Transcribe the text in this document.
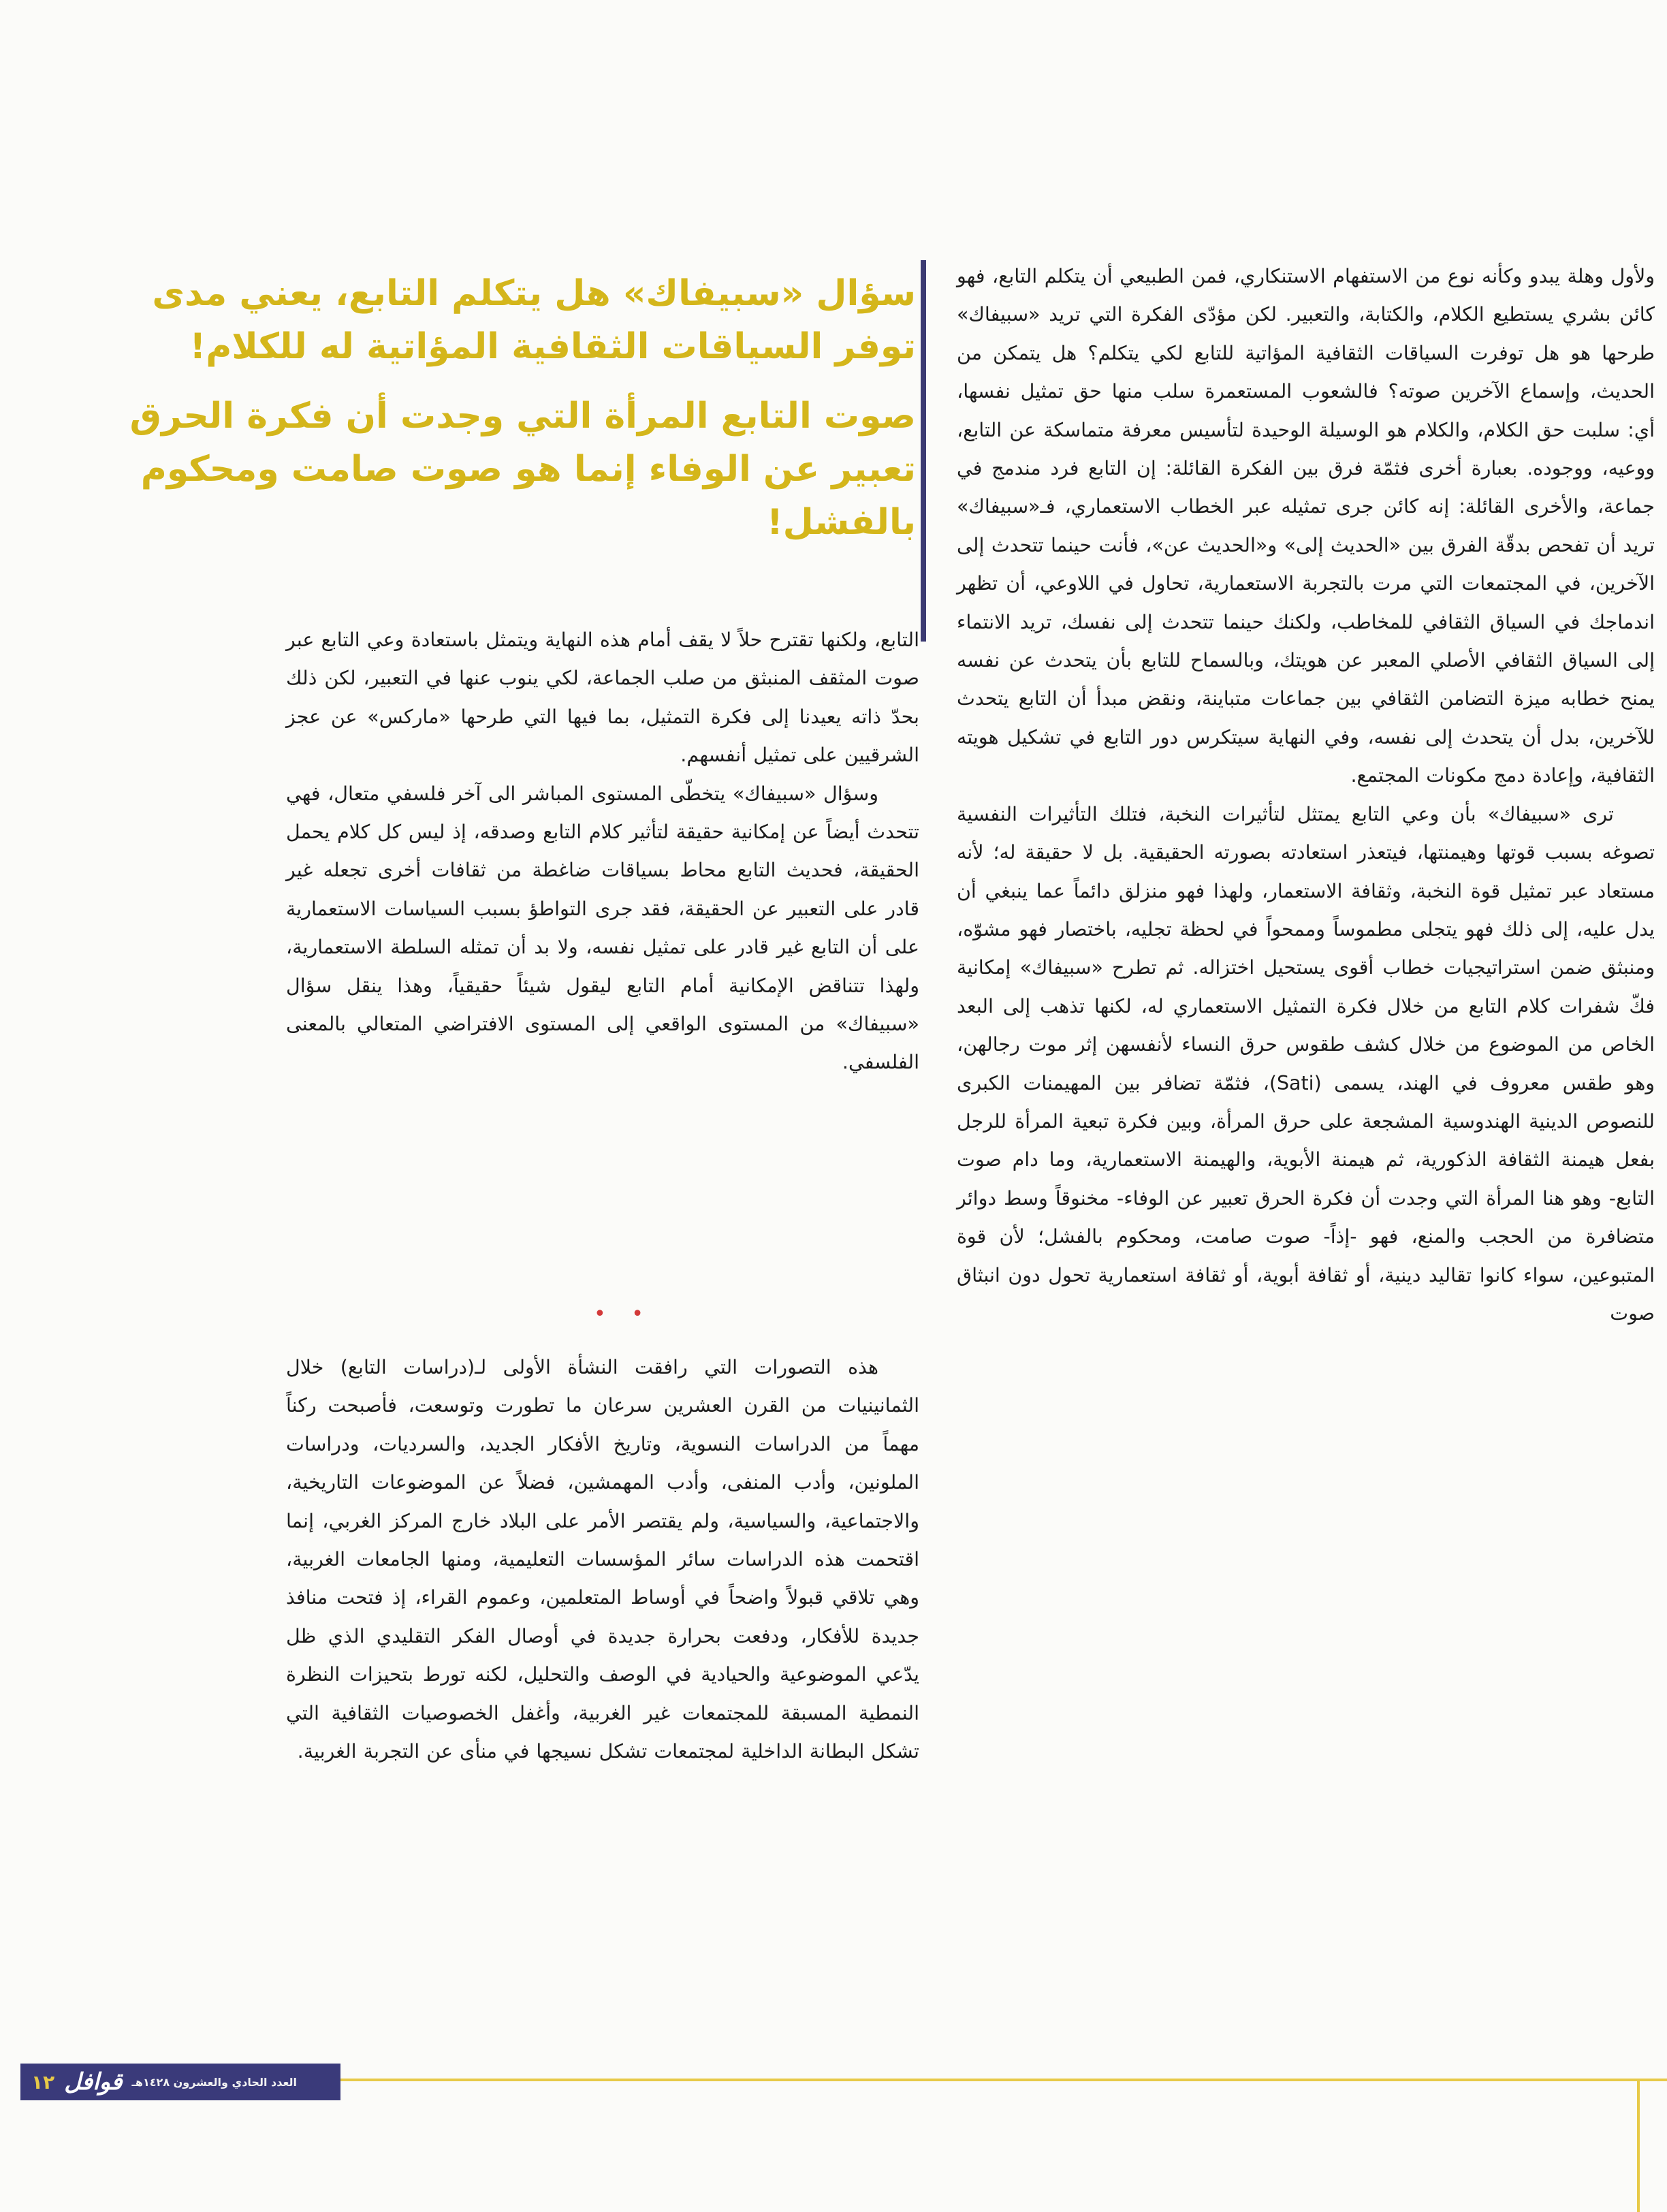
سؤال «سبيفاك» هل يتكلم التابع، يعني مدى توفر السياقات الثقافية المؤاتية له للكلام!

صوت التابع المرأة التي وجدت أن فكرة الحرق تعبير عن الوفاء إنما هو صوت صامت ومحكوم بالفشل!

ولأول وهلة يبدو وكأنه نوع من الاستفهام الاستنكاري، فمن الطبيعي أن يتكلم التابع، فهو كائن بشري يستطيع الكلام، والكتابة، والتعبير. لكن مؤدّى الفكرة التي تريد «سبيفاك» طرحها هو هل توفرت السياقات الثقافية المؤاتية للتابع لكي يتكلم؟ هل يتمكن من الحديث، وإسماع الآخرين صوته؟ فالشعوب المستعمرة سلب منها حق تمثيل نفسها، أي: سلبت حق الكلام، والكلام هو الوسيلة الوحيدة لتأسيس معرفة متماسكة عن التابع، ووعيه، ووجوده. بعبارة أخرى فثمّة فرق بين الفكرة القائلة: إن التابع فرد مندمج في جماعة، والأخرى القائلة: إنه كائن جرى تمثيله عبر الخطاب الاستعماري، فـ«سبيفاك» تريد أن تفحص بدقّة الفرق بين «الحديث إلى» و«الحديث عن»، فأنت حينما تتحدث إلى الآخرين، في المجتمعات التي مرت بالتجربة الاستعمارية، تحاول في اللاوعي، أن تظهر اندماجك في السياق الثقافي للمخاطب، ولكنك حينما تتحدث إلى نفسك، تريد الانتماء إلى السياق الثقافي الأصلي المعبر عن هويتك، وبالسماح للتابع بأن يتحدث عن نفسه يمنح خطابه ميزة التضامن الثقافي بين جماعات متباينة، ونقض مبدأ أن التابع يتحدث للآخرين، بدل أن يتحدث إلى نفسه، وفي النهاية سيتكرس دور التابع في تشكيل هويته الثقافية، وإعادة دمج مكونات المجتمع.

ترى «سبيفاك» بأن وعي التابع يمتثل لتأثيرات النخبة، فتلك التأثيرات النفسية تصوغه بسبب قوتها وهيمنتها، فيتعذر استعادته بصورته الحقيقية. بل لا حقيقة له؛ لأنه مستعاد عبر تمثيل قوة النخبة، وثقافة الاستعمار، ولهذا فهو منزلق دائماً عما ينبغي أن يدل عليه، إلى ذلك فهو يتجلى مطموساً وممحواً في لحظة تجليه، باختصار فهو مشوّه، ومنبثق ضمن استراتيجيات خطاب أقوى يستحيل اختزاله. ثم تطرح «سبيفاك» إمكانية فكّ شفرات كلام التابع من خلال فكرة التمثيل الاستعماري له، لكنها تذهب إلى البعد الخاص من الموضوع من خلال كشف طقوس حرق النساء لأنفسهن إثر موت رجالهن، وهو طقس معروف في الهند، يسمى (Sati)، فثمّة تضافر بين المهيمنات الكبرى للنصوص الدينية الهندوسية المشجعة على حرق المرأة، وبين فكرة تبعية المرأة للرجل بفعل هيمنة الثقافة الذكورية، ثم هيمنة الأبوية، والهيمنة الاستعمارية، وما دام صوت التابع- وهو هنا المرأة التي وجدت أن فكرة الحرق تعبير عن الوفاء- مخنوقاً وسط دوائر متضافرة من الحجب والمنع، فهو -إذاً- صوت صامت، ومحكوم بالفشل؛ لأن قوة المتبوعين، سواء كانوا تقاليد دينية، أو ثقافة أبوية، أو ثقافة استعمارية تحول دون انبثاق صوت

التابع، ولكنها تقترح حلاً لا يقف أمام هذه النهاية ويتمثل باستعادة وعي التابع عبر صوت المثقف المنبثق من صلب الجماعة، لكي ينوب عنها في التعبير، لكن ذلك بحدّ ذاته يعيدنا إلى فكرة التمثيل، بما فيها التي طرحها «ماركس» عن عجز الشرقيين على تمثيل أنفسهم.

وسؤال «سبيفاك» يتخطّى المستوى المباشر الى آخر فلسفي متعال، فهي تتحدث أيضاً عن إمكانية حقيقة لتأثير كلام التابع وصدقه، إذ ليس كل كلام يحمل الحقيقة، فحديث التابع محاط بسياقات ضاغطة من ثقافات أخرى تجعله غير قادر على التعبير عن الحقيقة، فقد جرى التواطؤ بسبب السياسات الاستعمارية على أن التابع غير قادر على تمثيل نفسه، ولا بد أن تمثله السلطة الاستعمارية، ولهذا تتناقض الإمكانية أمام التابع ليقول شيئاً حقيقياً، وهذا ينقل سؤال «سبيفاك» من المستوى الواقعي إلى المستوى الافتراضي المتعالي بالمعنى الفلسفي.

• •

هذه التصورات التي رافقت النشأة الأولى لـ(دراسات التابع) خلال الثمانينيات من القرن العشرين سرعان ما تطورت وتوسعت، فأصبحت ركناً مهماً من الدراسات النسوية، وتاريخ الأفكار الجديد، والسرديات، ودراسات الملونين، وأدب المنفى، وأدب المهمشين، فضلاً عن الموضوعات التاريخية، والاجتماعية، والسياسية، ولم يقتصر الأمر على البلاد خارج المركز الغربي، إنما اقتحمت هذه الدراسات سائر المؤسسات التعليمية، ومنها الجامعات الغربية، وهي تلاقي قبولاً واضحاً في أوساط المتعلمين، وعموم القراء، إذ فتحت منافذ جديدة للأفكار، ودفعت بحرارة جديدة في أوصال الفكر التقليدي الذي ظل يدّعي الموضوعية والحيادية في الوصف والتحليل، لكنه تورط بتحيزات النظرة النمطية المسبقة للمجتمعات غير الغربية، وأغفل الخصوصيات الثقافية التي تشكل البطانة الداخلية لمجتمعات تشكل نسيجها في منأى عن التجربة الغربية.

العدد الحادي والعشرون ١٤٢٨هـ
قوافل
١٢
